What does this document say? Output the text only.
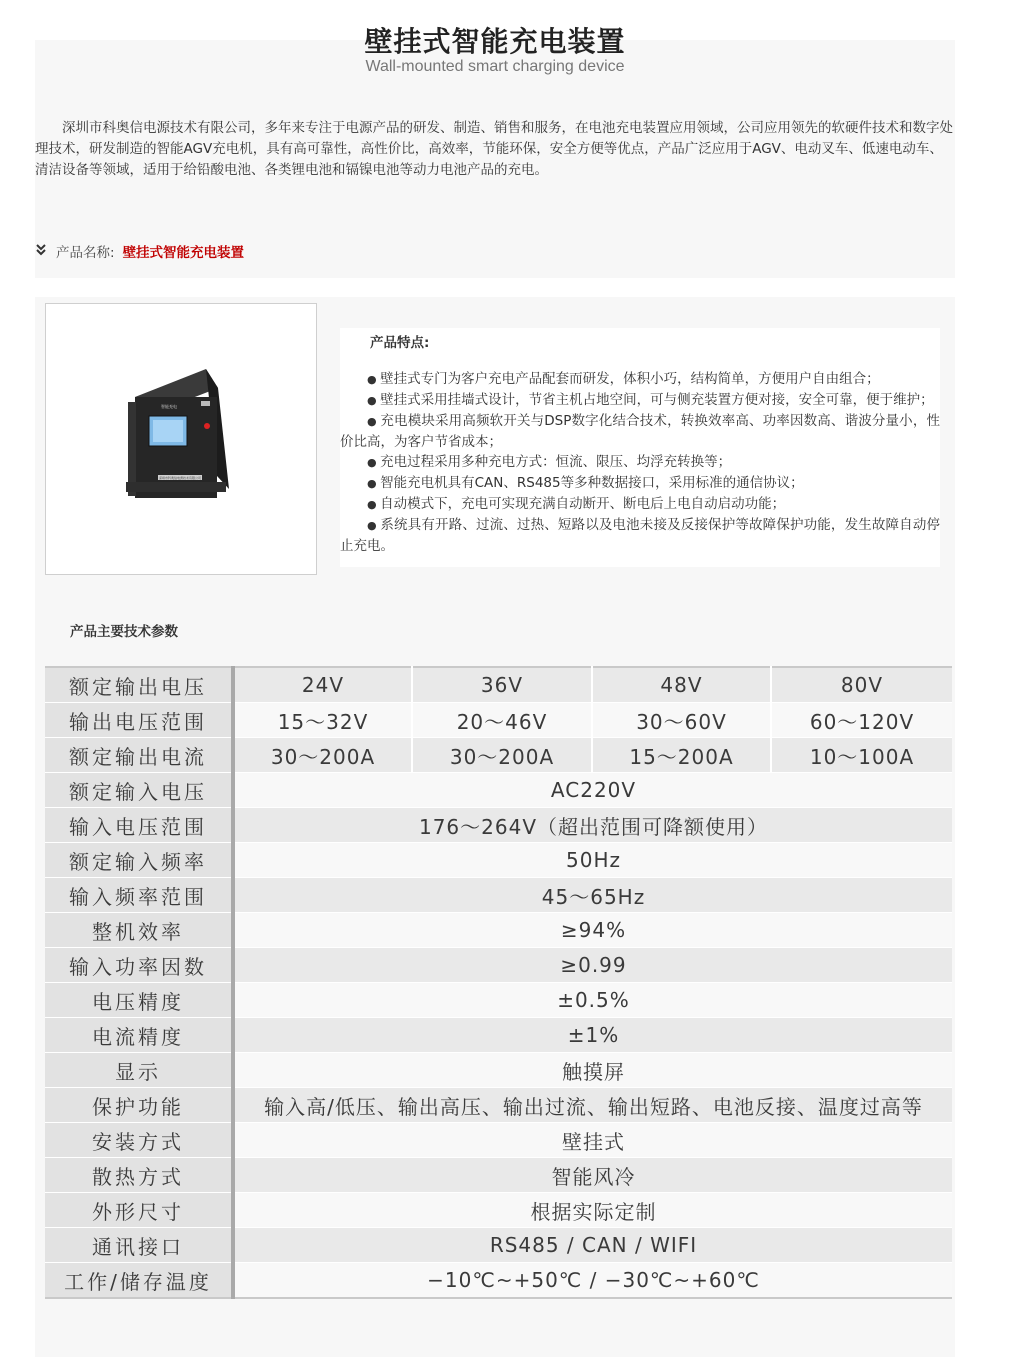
壁挂式智能充电装置
Wall-mounted smart charging device

深圳市科奥信电源技术有限公司，多年来专注于电源产品的研发、制造、销售和服务，在电池充电装置应用领域，公司应用领先的软硬件技术和数字处理技术，研发制造的智能AGV充电机，具有高可靠性，高性价比，高效率，节能环保，安全方便等优点，产品广泛应用于AGV、电动叉车、低速电动车、清洁设备等领域，适用于给铅酸电池、各类锂电池和镉镍电池等动力电池产品的充电。

产品名称: 壁挂式智能充电装置
智能充电
深圳市科奥信电源技术有限公司
产品特点:
● 壁挂式专门为客户充电产品配套而研发，体积小巧，结构简单，方便用户自由组合；
● 壁挂式采用挂墙式设计，节省主机占地空间，可与侧充装置方便对接，安全可靠，便于维护；
● 充电模块采用高频软开关与DSP数字化结合技术，转换效率高、功率因数高、谐波分量小，性价比高，为客户节省成本；
● 充电过程采用多种充电方式：恒流、限压、均浮充转换等；
● 智能充电机具有CAN、RS485等多种数据接口，采用标准的通信协议；
● 自动模式下，充电可实现充满自动断开、断电后上电自动启动功能；
● 系统具有开路、过流、过热、短路以及电池未接及反接保护等故障保护功能，发生故障自动停止充电。
产品主要技术参数
额定输出电压	24V	36V	48V	80V
输出电压范围	15～32V	20～46V	30～60V	60～120V
额定输出电流	30～200A	30～200A	15～200A	10～100A
额定输入电压	AC220V			
输入电压范围	176～264V（超出范围可降额使用）			
额定输入频率	50Hz			
输入频率范围	45～65Hz			
整机效率	≥94%			
输入功率因数	≥0.99			
电压精度	±0.5%			
电流精度	±1%			
显示	触摸屏			
保护功能	输入高/低压、输出高压、输出过流、输出短路、电池反接、温度过高等			
安装方式	壁挂式			
散热方式	智能风冷			
外形尺寸	根据实际定制			
通讯接口	RS485 / CAN / WIFI			
工作/储存温度	−10℃~+50℃ / −30℃~+60℃			
